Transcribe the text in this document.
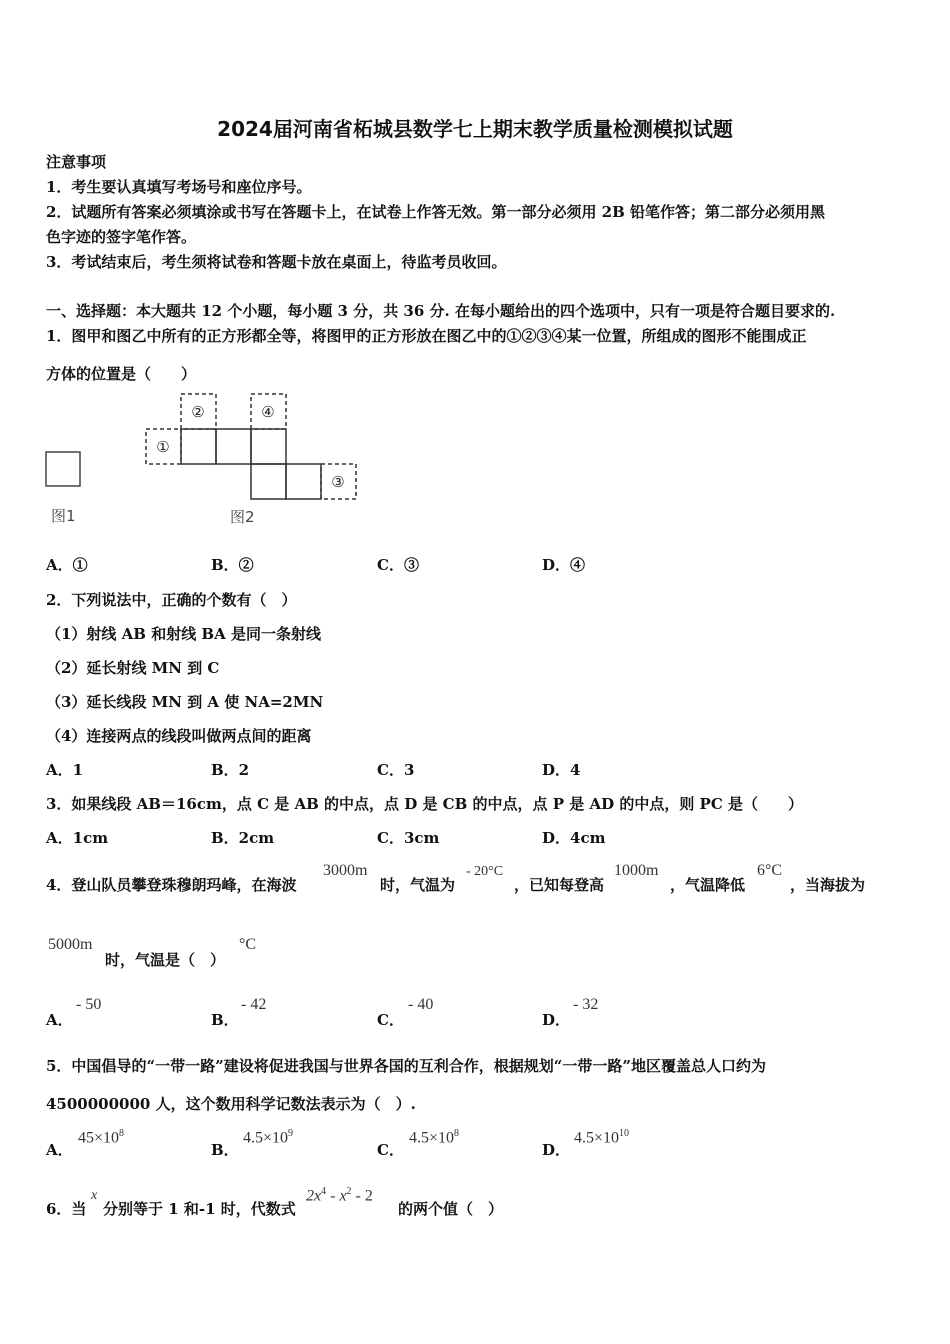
2024届河南省柘城县数学七上期末教学质量检测模拟试题
注意事项
1．考生要认真填写考场号和座位序号。
2．试题所有答案必须填涂或书写在答题卡上，在试卷上作答无效。第一部分必须用 2B 铅笔作答；第二部分必须用黑
色字迹的签字笔作答。
3．考试结束后，考生须将试卷和答题卡放在桌面上，待监考员收回。
一、选择题：本大题共 12 个小题，每小题 3 分，共 36 分. 在每小题给出的四个选项中，只有一项是符合题目要求的.
1．图甲和图乙中所有的正方形都全等，将图甲的正方形放在图乙中的①②③④某一位置，所组成的图形不能围成正
方体的位置是（　　）
图1
①
②	④
③
图2
A．①	B．②	C．③	D．④
2．下列说法中，正确的个数有（　）
（1）射线 AB 和射线 BA 是同一条射线
（2）延长射线 MN 到 C
（3）延长线段 MN 到 A 使 NA=2MN
（4）连接两点的线段叫做两点间的距离
A．1	B．2	C．3	D．4
3．如果线段 AB＝16cm，点 C 是 AB 的中点，点 D 是 CB 的中点，点 P 是 AD 的中点，则 PC 是（　　）
A．1cm	B．2cm	C．3cm	D．4cm
4．登山队员攀登珠穆朗玛峰，在海波
3000m
时，气温为
- 20°C
，已知每登高
1000m
，气温降低
6°C
，当海拔为
5000m
时，气温是（　）
°C
A．
- 50
B．
- 42
C．
- 40
D．
- 32
5．中国倡导的“一带一路”建设将促进我国与世界各国的互利合作，根据规划“一带一路”地区覆盖总人口约为
4500000000 人，这个数用科学记数法表示为（　）.
A．
$45\times 10^8$
B．
$4.5\times 10^9$
C．
$4.5\times 10^8$
D．
$4.5\times 10^{10}$
6．当
x
分别等于 1 和-1 时，代数式
$2x^4 - x^2 - 2$
的两个值（　）
